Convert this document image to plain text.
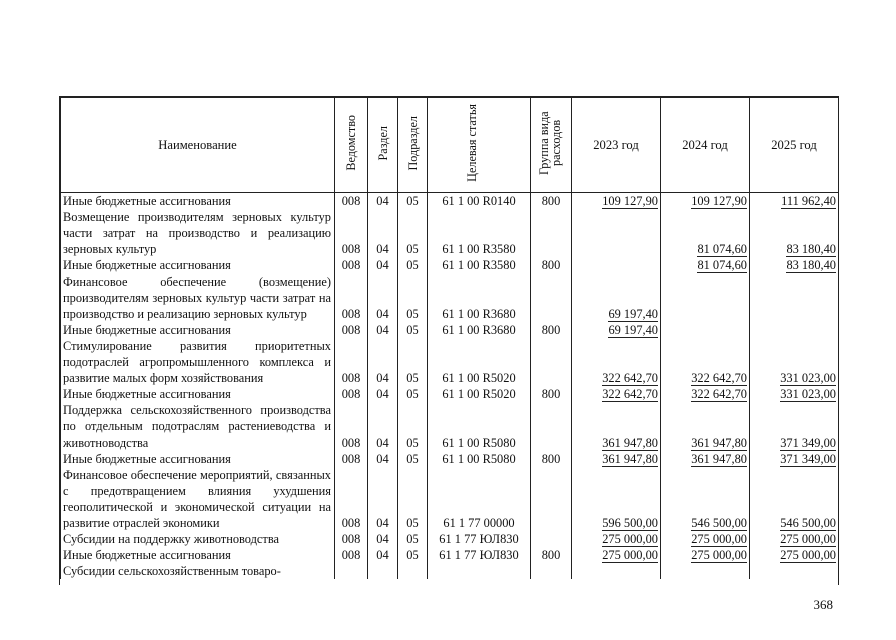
Наименование	Ведомство	Раздел	Подраздел	Целевая статья	Группа вида расходов	2023 год	2024 год	2025 год
Иные бюджетные ассигнования	008	04	05	61 1 00 R0140	800	109 127,90	109 127,90	111 962,40
Возмещение производителям зерновых культур части затрат на производство и реализацию зерновых культур	008	04	05	61 1 00 R3580			81 074,60	83 180,40
Иные бюджетные ассигнования	008	04	05	61 1 00 R3580	800		81 074,60	83 180,40
Финансовое обеспечение (возмещение) производителям зерновых культур части затрат на производство и реализацию зерновых культур	008	04	05	61 1 00 R3680		69 197,40		
Иные бюджетные ассигнования	008	04	05	61 1 00 R3680	800	69 197,40		
Стимулирование развития приоритетных подотраслей агропромышленного комплекса и развитие малых форм хозяйствования	008	04	05	61 1 00 R5020		322 642,70	322 642,70	331 023,00
Иные бюджетные ассигнования	008	04	05	61 1 00 R5020	800	322 642,70	322 642,70	331 023,00
Поддержка сельскохозяйственного производства по отдельным подотраслям растениеводства и животноводства	008	04	05	61 1 00 R5080		361 947,80	361 947,80	371 349,00
Иные бюджетные ассигнования	008	04	05	61 1 00 R5080	800	361 947,80	361 947,80	371 349,00
Финансовое обеспечение мероприятий, связанных с предотвращением влияния ухудшения геополитической и экономической ситуации на развитие отраслей экономики	008	04	05	61 1 77 00000		596 500,00	546 500,00	546 500,00
Субсидии на поддержку животноводства	008	04	05	61 1 77 ЮЛ830		275 000,00	275 000,00	275 000,00
Иные бюджетные ассигнования	008	04	05	61 1 77 ЮЛ830	800	275 000,00	275 000,00	275 000,00
Субсидии сельскохозяйственным товаро-								
368
